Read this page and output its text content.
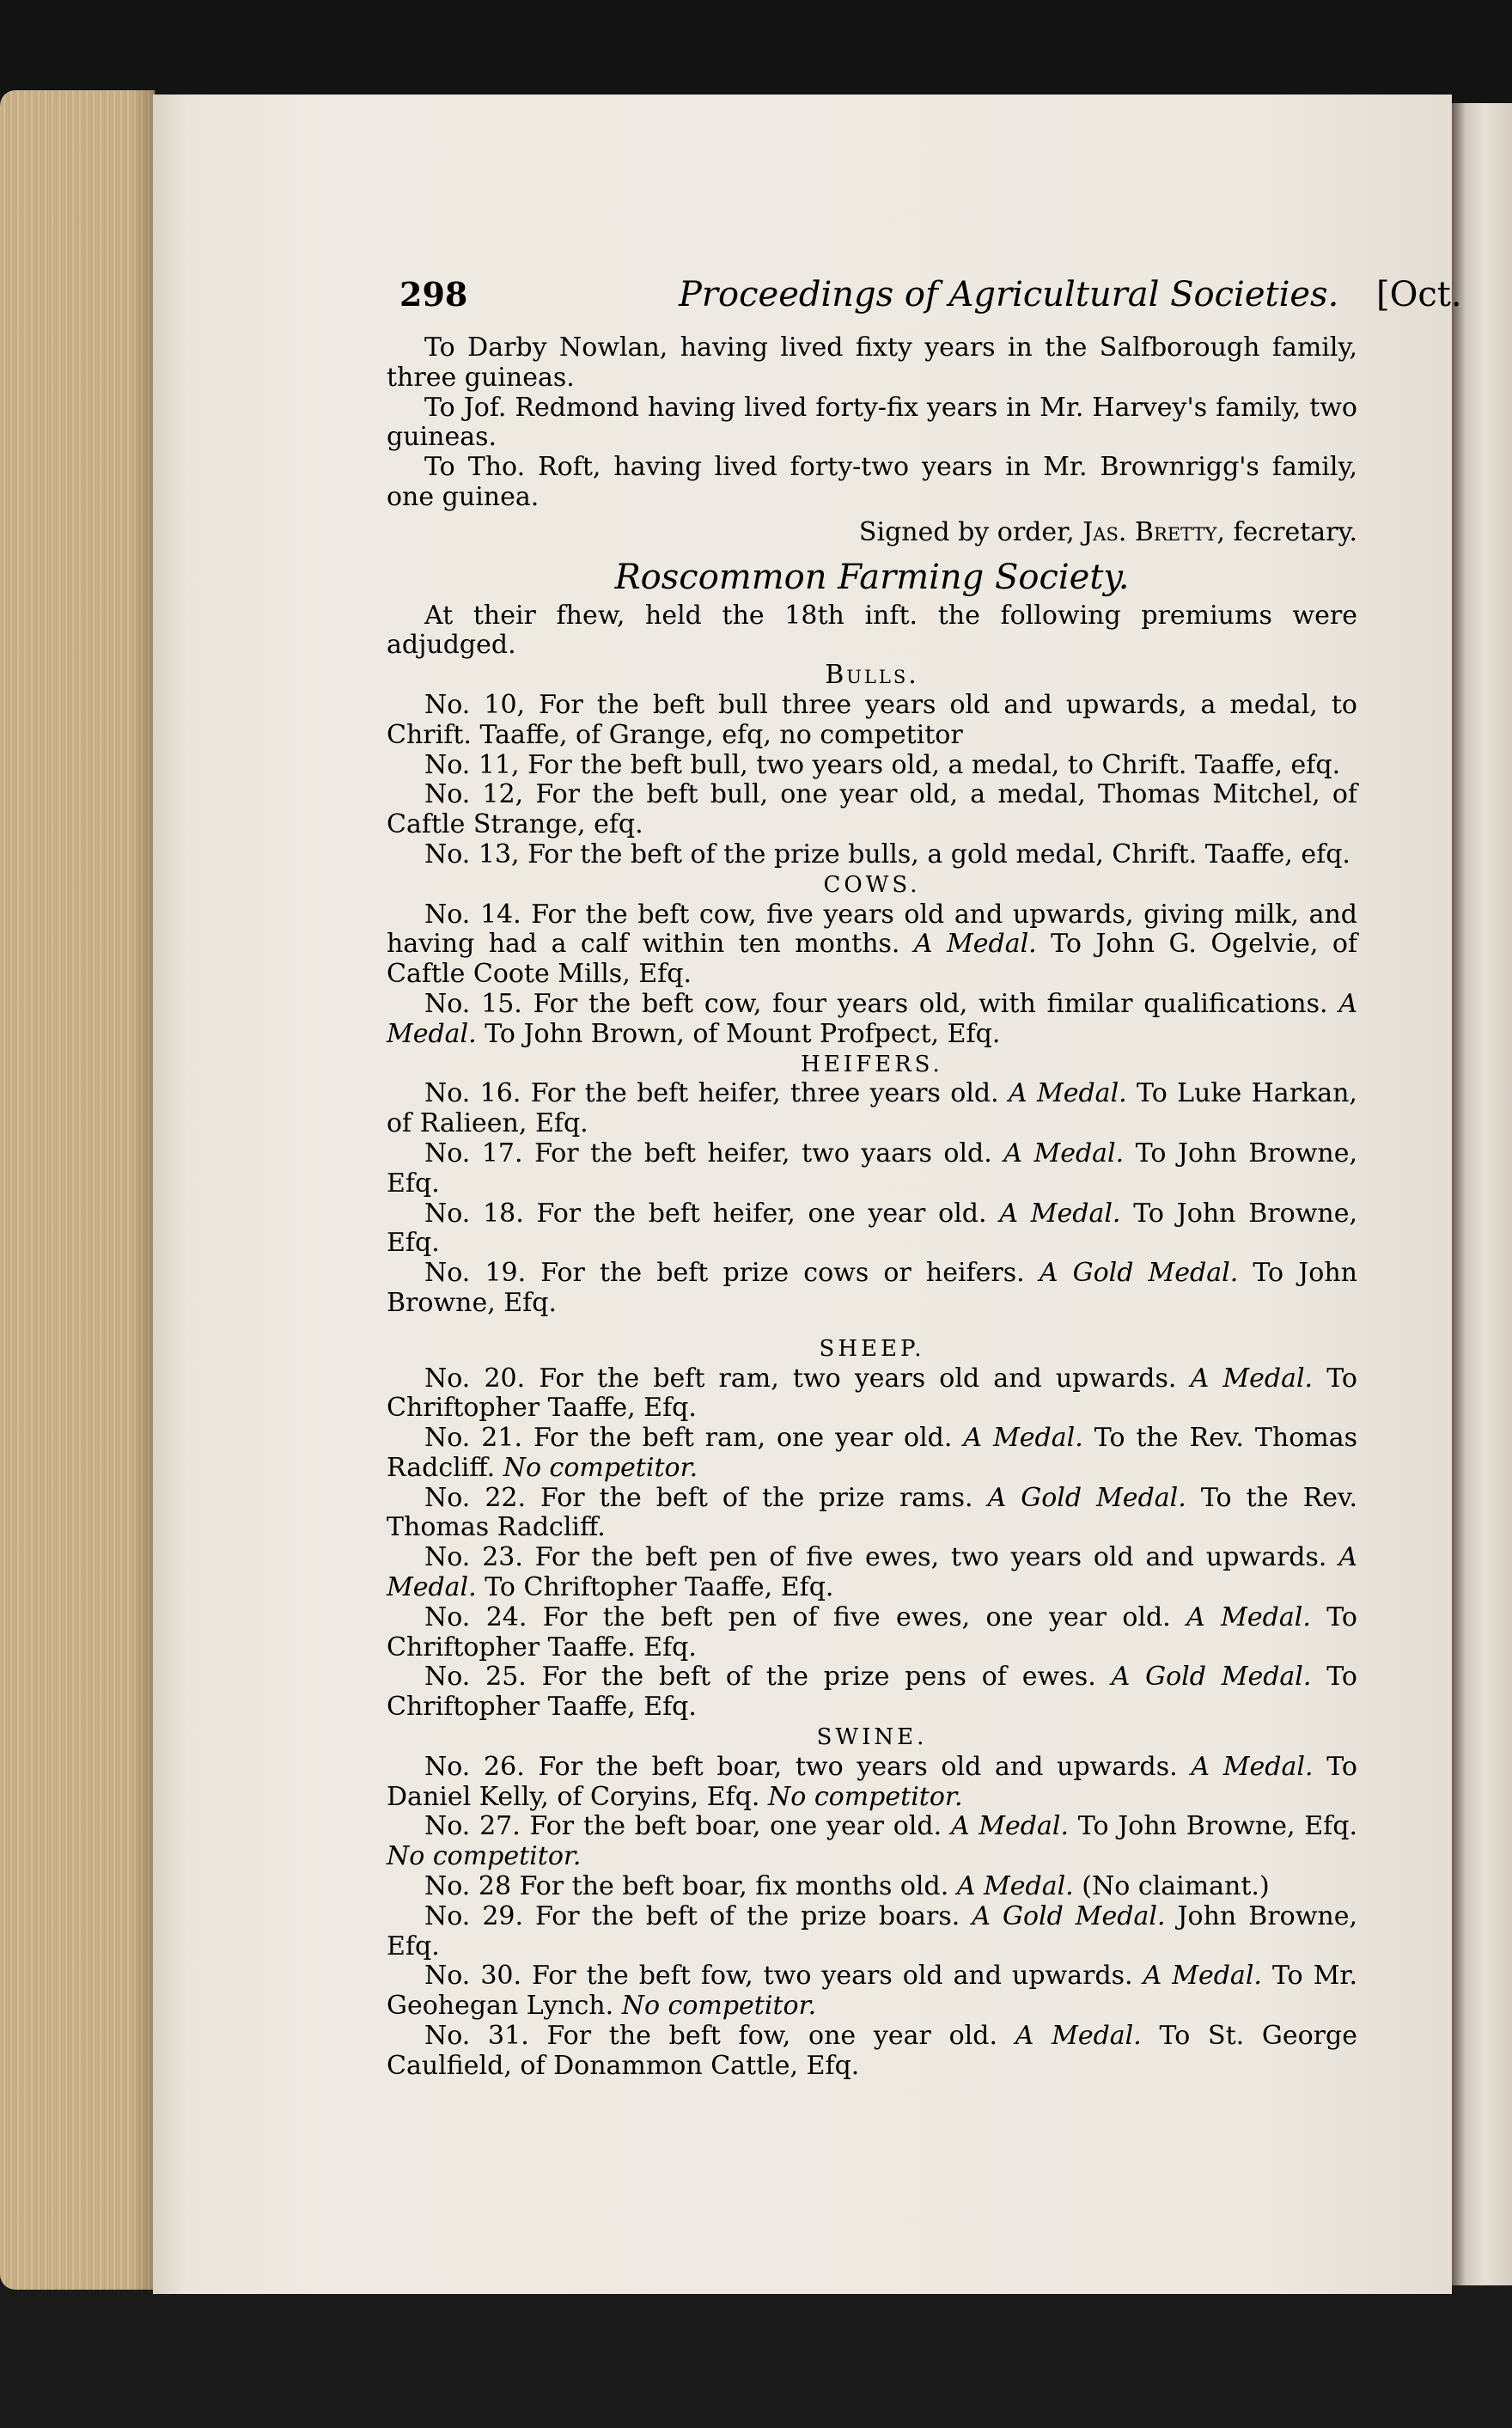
298	Proceedings of Agricultural Societies. [Oct.

To Darby Nowlan, having lived fixty years in the Salfborough family, three guineas.

To Jof. Redmond having lived forty-fix years in Mr. Harvey's family, two guineas.

To Tho. Roft, having lived forty-two years in Mr. Brownrigg's family, one guinea.

Signed by order, Jas. Bretty, fecretary.

Roscommon Farming Society.

At their fhew, held the 18th inft. the following premiums were adjudged.

Bulls.

No. 10, For the beft bull three years old and upwards, a medal, to Chrift. Taaffe, of Grange, efq, no competitor

No. 11, For the beft bull, two years old, a medal, to Chrift. Taaffe, efq.

No. 12, For the beft bull, one year old, a medal, Thomas Mitchel, of Caftle Strange, efq.

No. 13, For the beft of the prize bulls, a gold medal, Chrift. Taaffe, efq.

COWS.

No. 14. For the beft cow, five years old and upwards, giving milk, and having had a calf within ten months. A Medal. To John G. Ogelvie, of Caftle Coote Mills, Efq.

No. 15. For the beft cow, four years old, with fimilar qualifications. A Medal. To John Brown, of Mount Profpect, Efq.

HEIFERS.

No. 16. For the beft heifer, three years old. A Medal. To Luke Harkan, of Ralieen, Efq.

No. 17. For the beft heifer, two yaars old. A Medal. To John Browne, Efq.

No. 18. For the beft heifer, one year old. A Medal. To John Browne, Efq.

No. 19. For the beft prize cows or heifers. A Gold Medal. To John Browne, Efq.

SHEEP.

No. 20. For the beft ram, two years old and upwards. A Medal. To Chriftopher Taaffe, Efq.

No. 21. For the beft ram, one year old. A Medal. To the Rev. Thomas Radcliff. No competitor.

No. 22. For the beft of the prize rams. A Gold Medal. To the Rev. Thomas Radcliff.

No. 23. For the beft pen of five ewes, two years old and upwards. A Medal. To Chriftopher Taaffe, Efq.

No. 24. For the beft pen of five ewes, one year old. A Medal. To Chriftopher Taaffe. Efq.

No. 25. For the beft of the prize pens of ewes. A Gold Medal. To Chriftopher Taaffe, Efq.

SWINE.

No. 26. For the beft boar, two years old and upwards. A Medal. To Daniel Kelly, of Coryins, Efq. No competitor.

No. 27. For the beft boar, one year old. A Medal. To John Browne, Efq. No competitor.

No. 28 For the beft boar, fix months old. A Medal. (No claimant.)

No. 29. For the beft of the prize boars. A Gold Medal. John Browne, Efq.

No. 30. For the beft fow, two years old and upwards. A Medal. To Mr. Geohegan Lynch. No competitor.

No. 31. For the beft fow, one year old. A Medal. To St. George Caulfield, of Donammon Cattle, Efq.
